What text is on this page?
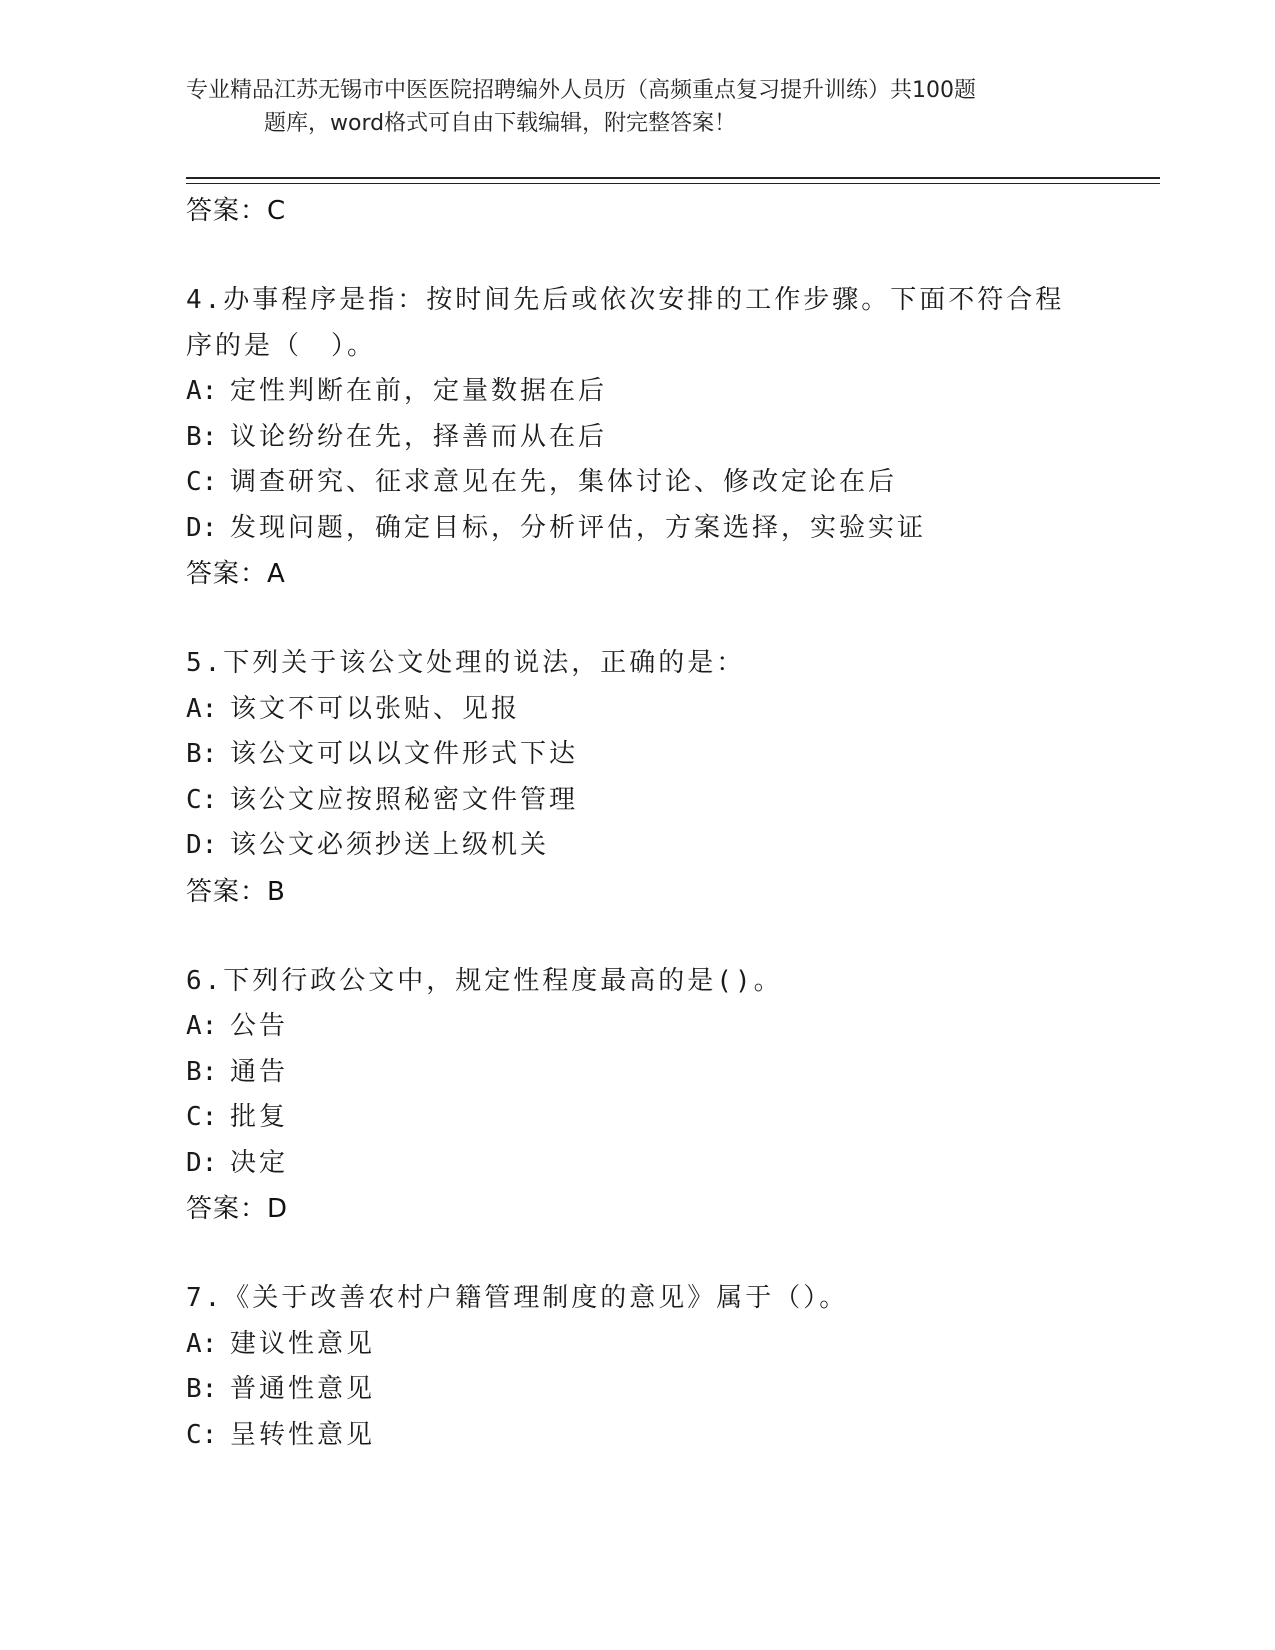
专业精品江苏无锡市中医医院招聘编外人员历（高频重点复习提升训练）共100题
题库，word格式可自由下载编辑，附完整答案！
答案：C
4.办事程序是指：按时间先后或依次安排的工作步骤。下面不符合程序的是（　）。
A: 定性判断在前，定量数据在后
B: 议论纷纷在先，择善而从在后
C: 调查研究、征求意见在先，集体讨论、修改定论在后
D: 发现问题，确定目标，分析评估，方案选择，实验实证
答案：A
5.下列关于该公文处理的说法，正确的是：
A: 该文不可以张贴、见报
B: 该公文可以以文件形式下达
C: 该公文应按照秘密文件管理
D: 该公文必须抄送上级机关
答案：B
6.下列行政公文中，规定性程度最高的是()。
A: 公告
B: 通告
C: 批复
D: 决定
答案：D
7.《关于改善农村户籍管理制度的意见》属于（）。
A: 建议性意见
B: 普通性意见
C: 呈转性意见
